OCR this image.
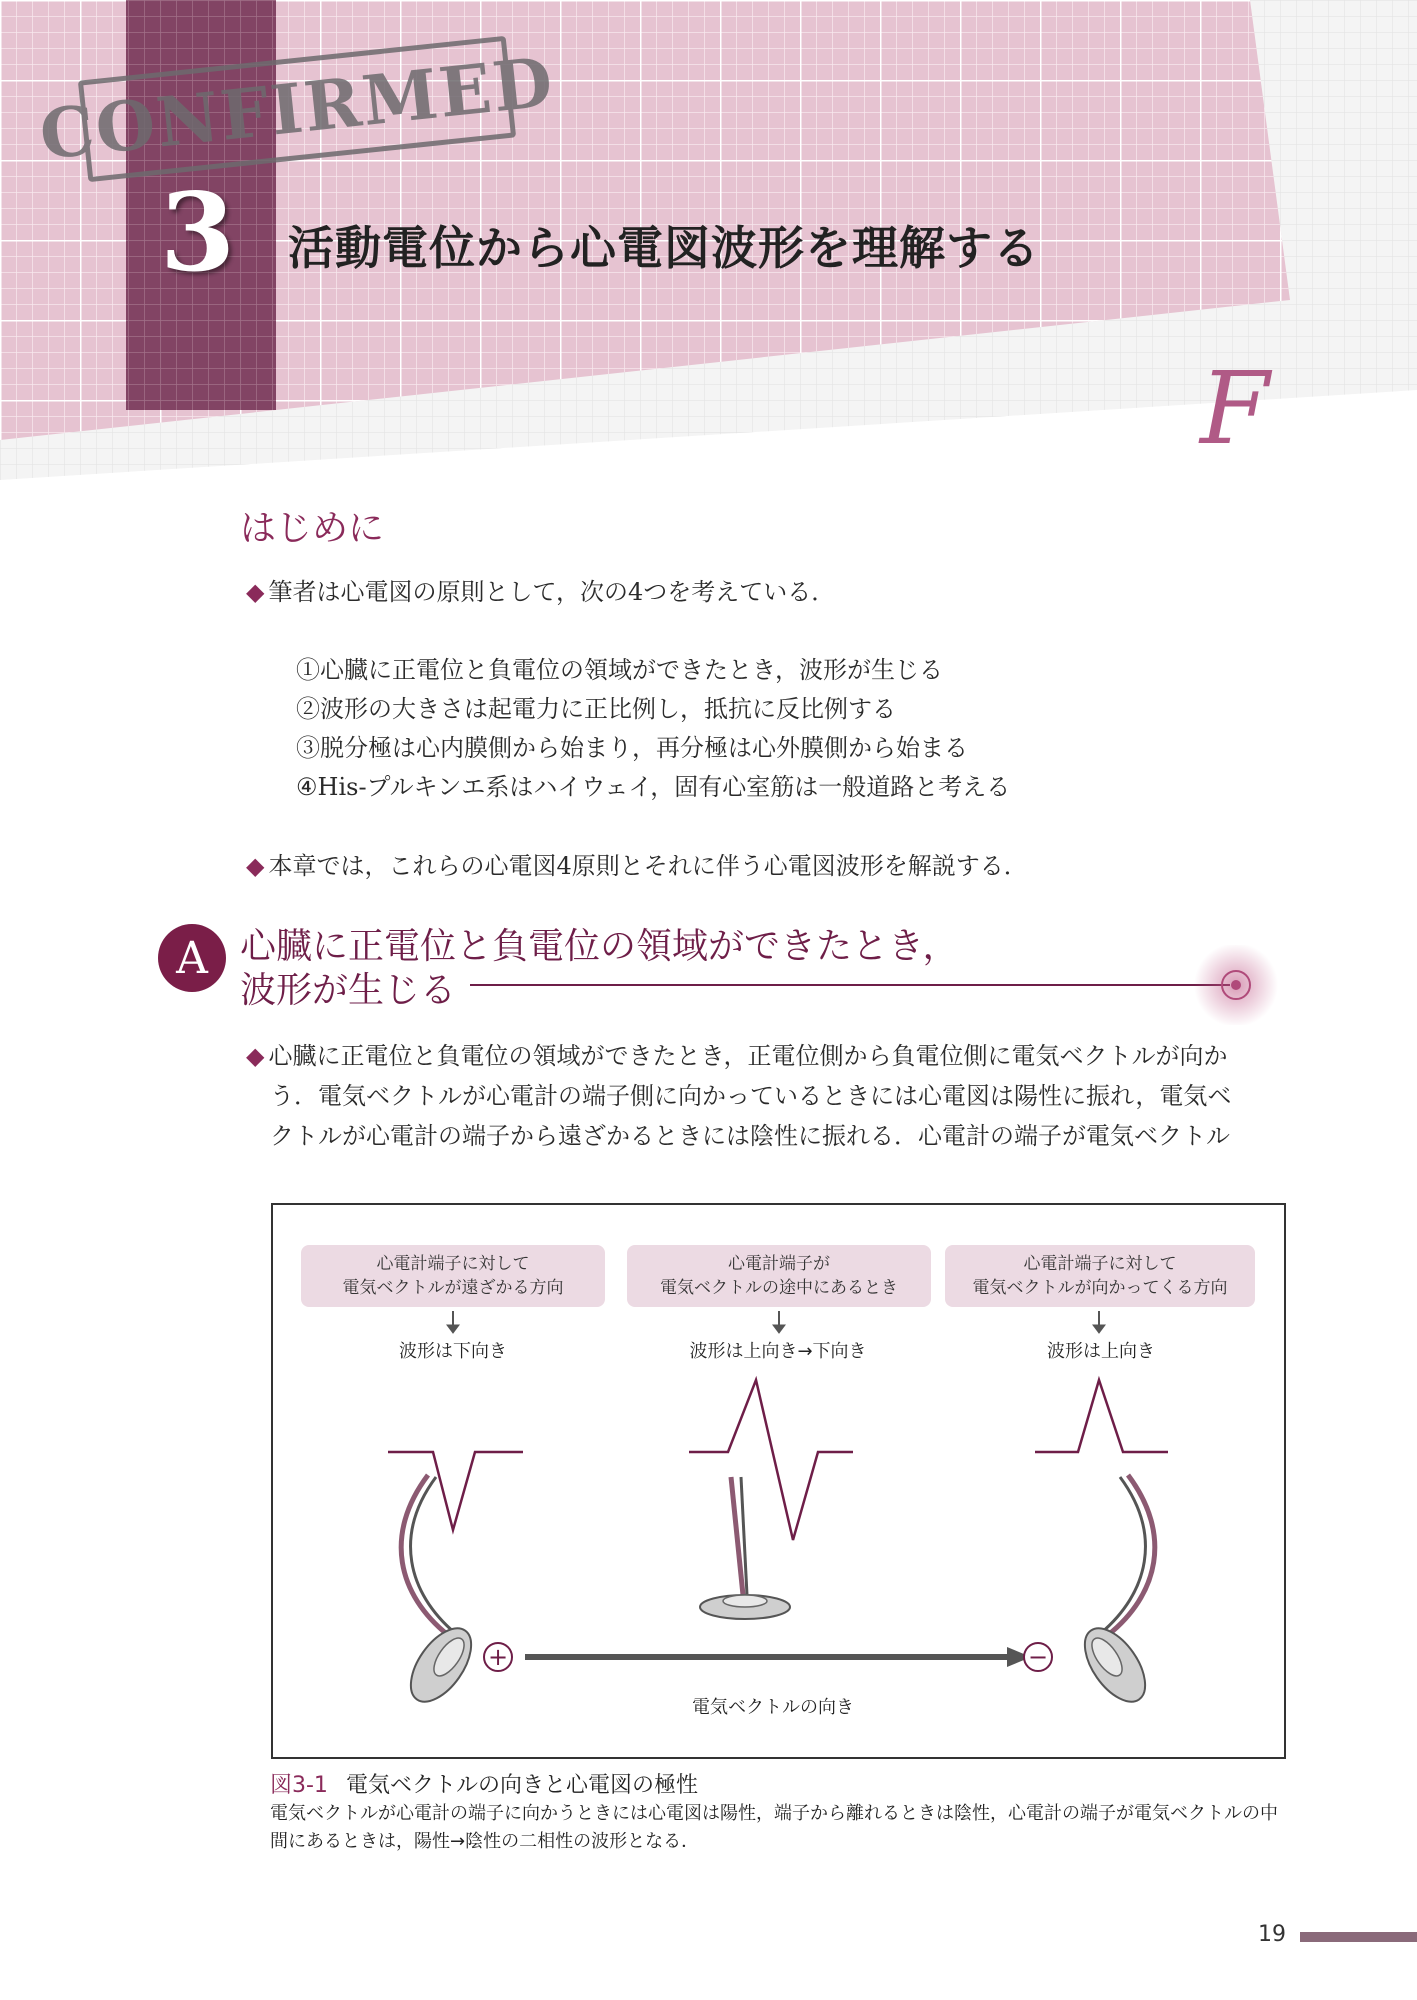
CONFIRMED
3 活動電位から心電図波形を理解する
F
はじめに
◆ 筆者は心電図の原則として，次の4つを考えている．
①心臓に正電位と負電位の領域ができたとき，波形が生じる
②波形の大きさは起電力に正比例し，抵抗に反比例する
③脱分極は心内膜側から始まり，再分極は心外膜側から始まる
④His-プルキンエ系はハイウェイ，固有心室筋は一般道路と考える
◆ 本章では，これらの心電図4原則とそれに伴う心電図波形を解説する．
A 心臓に正電位と負電位の領域ができたとき，
波形が生じる
◆ 心臓に正電位と負電位の領域ができたとき，正電位側から負電位側に電気ベクトルが向か
う．電気ベクトルが心電計の端子側に向かっているときには心電図は陽性に振れ，電気ベ
クトルが心電計の端子から遠ざかるときには陰性に振れる．心電計の端子が電気ベクトル
心電計端子に対して
電気ベクトルが遠ざかる方向
心電計端子が
電気ベクトルの途中にあるとき
心電計端子に対して
電気ベクトルが向かってくる方向
波形は下向き	波形は上向き→下向き	波形は上向き
+	−
電気ベクトルの向き
図3-1 電気ベクトルの向きと心電図の極性
電気ベクトルが心電計の端子に向かうときには心電図は陽性，端子から離れるときは陰性，心電計の端子が電気ベクトルの中間にあるときは，陽性→陰性の二相性の波形となる．
19
